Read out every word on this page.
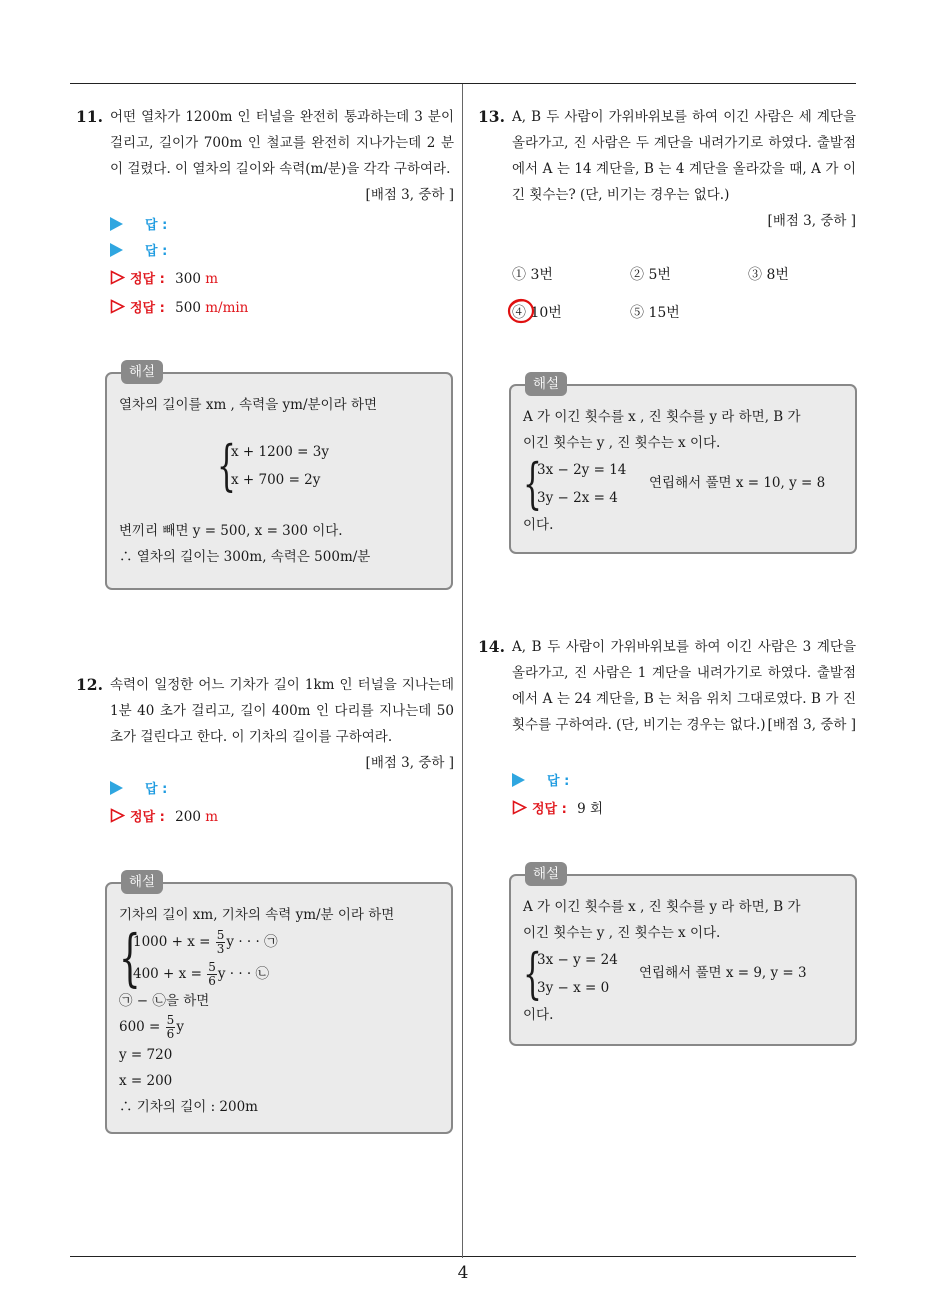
4
11. 어떤 열차가 1200m 인 터널을 완전히 통과하는데 3 분이 걸리고, 길이가 700m 인 철교를 완전히 지나가는데 2 분이 걸렸다. 이 열차의 길이와 속력(m/분)을 각각 구하여라.
[배점 3, 중하 ]
답 :
답 :
정답 : 300 m
정답 : 500 m/min
해설
열차의 길이를 xm , 속력을 ym/분이라 하면
{
x + 1200 = 3y
x + 700 = 2y
변끼리 빼면 y = 500, x = 300 이다.
∴ 열차의 길이는 300m, 속력은 500m/분
12. 속력이 일정한 어느 기차가 길이 1km 인 터널을 지나는데 1분 40 초가 걸리고, 길이 400m 인 다리를 지나는데 50초가 걸린다고 한다. 이 기차의 길이를 구하여라.
[배점 3, 중하 ]
답 :
정답 : 200 m
해설
기차의 길이 xm, 기차의 속력 ym/분 이라 하면
{
$1000 + x = \frac{5}{3}$ y · · · ㉠
$400 + x = \frac{5}{6}$ y · · · ㉡
㉠ − ㉡을 하면
$600 = \frac{5}{6}$ y
y = 720
x = 200
∴ 기차의 길이 : 200m
13. A, B 두 사람이 가위바위보를 하여 이긴 사람은 세 계단을 올라가고, 진 사람은 두 계단을 내려가기로 하였다. 출발점에서 A 는 14 계단을, B 는 4 계단을 올라갔을 때, A 가 이긴 횟수는? (단, 비기는 경우는 없다.)
[배점 3, 중하 ]
① 3번	② 5번	③ 8번
④ 10번	⑤ 15번
해설
A 가 이긴 횟수를 x , 진 횟수를 y 라 하면, B 가
이긴 횟수는 y , 진 횟수는 x 이다.
{
3x − 2y = 14
3y − 2x = 4
연립해서 풀면 x = 10, y = 8
이다.
14. A, B 두 사람이 가위바위보를 하여 이긴 사람은 3 계단을 올라가고, 진 사람은 1 계단을 내려가기로 하였다. 출발점에서 A 는 24 계단을, B 는 처음 위치 그대로였다. B 가 진 횟수를 구하여라. (단, 비기는 경우는 없다.) [배점 3, 중하 ]
답 :
정답 : 9 회
해설
A 가 이긴 횟수를 x , 진 횟수를 y 라 하면, B 가
이긴 횟수는 y , 진 횟수는 x 이다.
{
3x − y = 24
3y − x = 0
연립해서 풀면 x = 9, y = 3
이다.
